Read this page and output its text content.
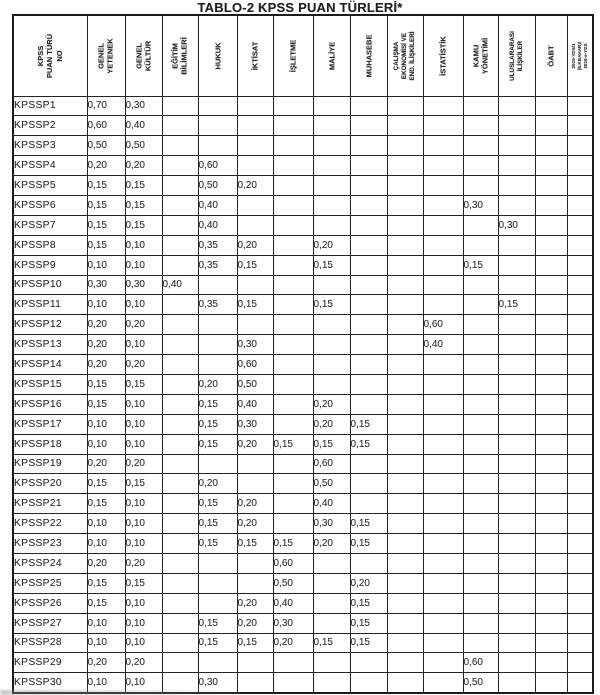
TABLO-2 KPSS PUAN TÜRLERİ*
KPSS PUAN TÜRÜ NO	GENEL YETENEK	GENEL KÜLTÜR	EĞİTİM BİLİMLERİ	HUKUK	İKTİSAT	İŞLETME	MALİYE	MUHASEBE	ÇALIŞMA EKONOMİSİ VE END. İLİŞKİLERİ	İSTATİSTİK	KAMU YÖNETİMİ	ULUSLARARASI İLİŞKİLER	ÖABT	2019-YDS/1 (İLKBAHAR)/ 2019-e-YDS

KPSSP1	0,70	0,30												
KPSSP2	0,60	0,40												
KPSSP3	0,50	0,50												
KPSSP4	0,20	0,20		0,60										
KPSSP5	0,15	0,15		0,50	0,20									
KPSSP6	0,15	0,15		0,40							0,30			
KPSSP7	0,15	0,15		0,40								0,30		
KPSSP8	0,15	0,10		0,35	0,20		0,20							
KPSSP9	0,10	0,10		0,35	0,15		0,15				0,15			
KPSSP10	0,30	0,30	0,40											
KPSSP11	0,10	0,10		0,35	0,15		0,15					0,15		
KPSSP12	0,20	0,20								0,60				
KPSSP13	0,20	0,10			0,30					0,40				
KPSSP14	0,20	0,20			0,60									
KPSSP15	0,15	0,15		0,20	0,50									
KPSSP16	0,15	0,10		0,15	0,40		0,20							
KPSSP17	0,10	0,10		0,15	0,30		0,20	0,15						
KPSSP18	0,10	0,10		0,15	0,20	0,15	0,15	0,15						
KPSSP19	0,20	0,20					0,60							
KPSSP20	0,15	0,15		0,20			0,50							
KPSSP21	0,15	0,10		0,15	0,20		0,40							
KPSSP22	0,10	0,10		0,15	0,20		0,30	0,15						
KPSSP23	0,10	0,10		0,15	0,15	0,15	0,20	0,15						
KPSSP24	0,20	0,20				0,60								
KPSSP25	0,15	0,15				0,50		0,20						
KPSSP26	0,15	0,10			0,20	0,40		0,15						
KPSSP27	0,10	0,10		0,15	0,20	0,30		0,15						
KPSSP28	0,10	0,10		0,15	0,15	0,20	0,15	0,15						
KPSSP29	0,20	0,20									0,60			
KPSSP30	0,10	0,10		0,30							0,50			
